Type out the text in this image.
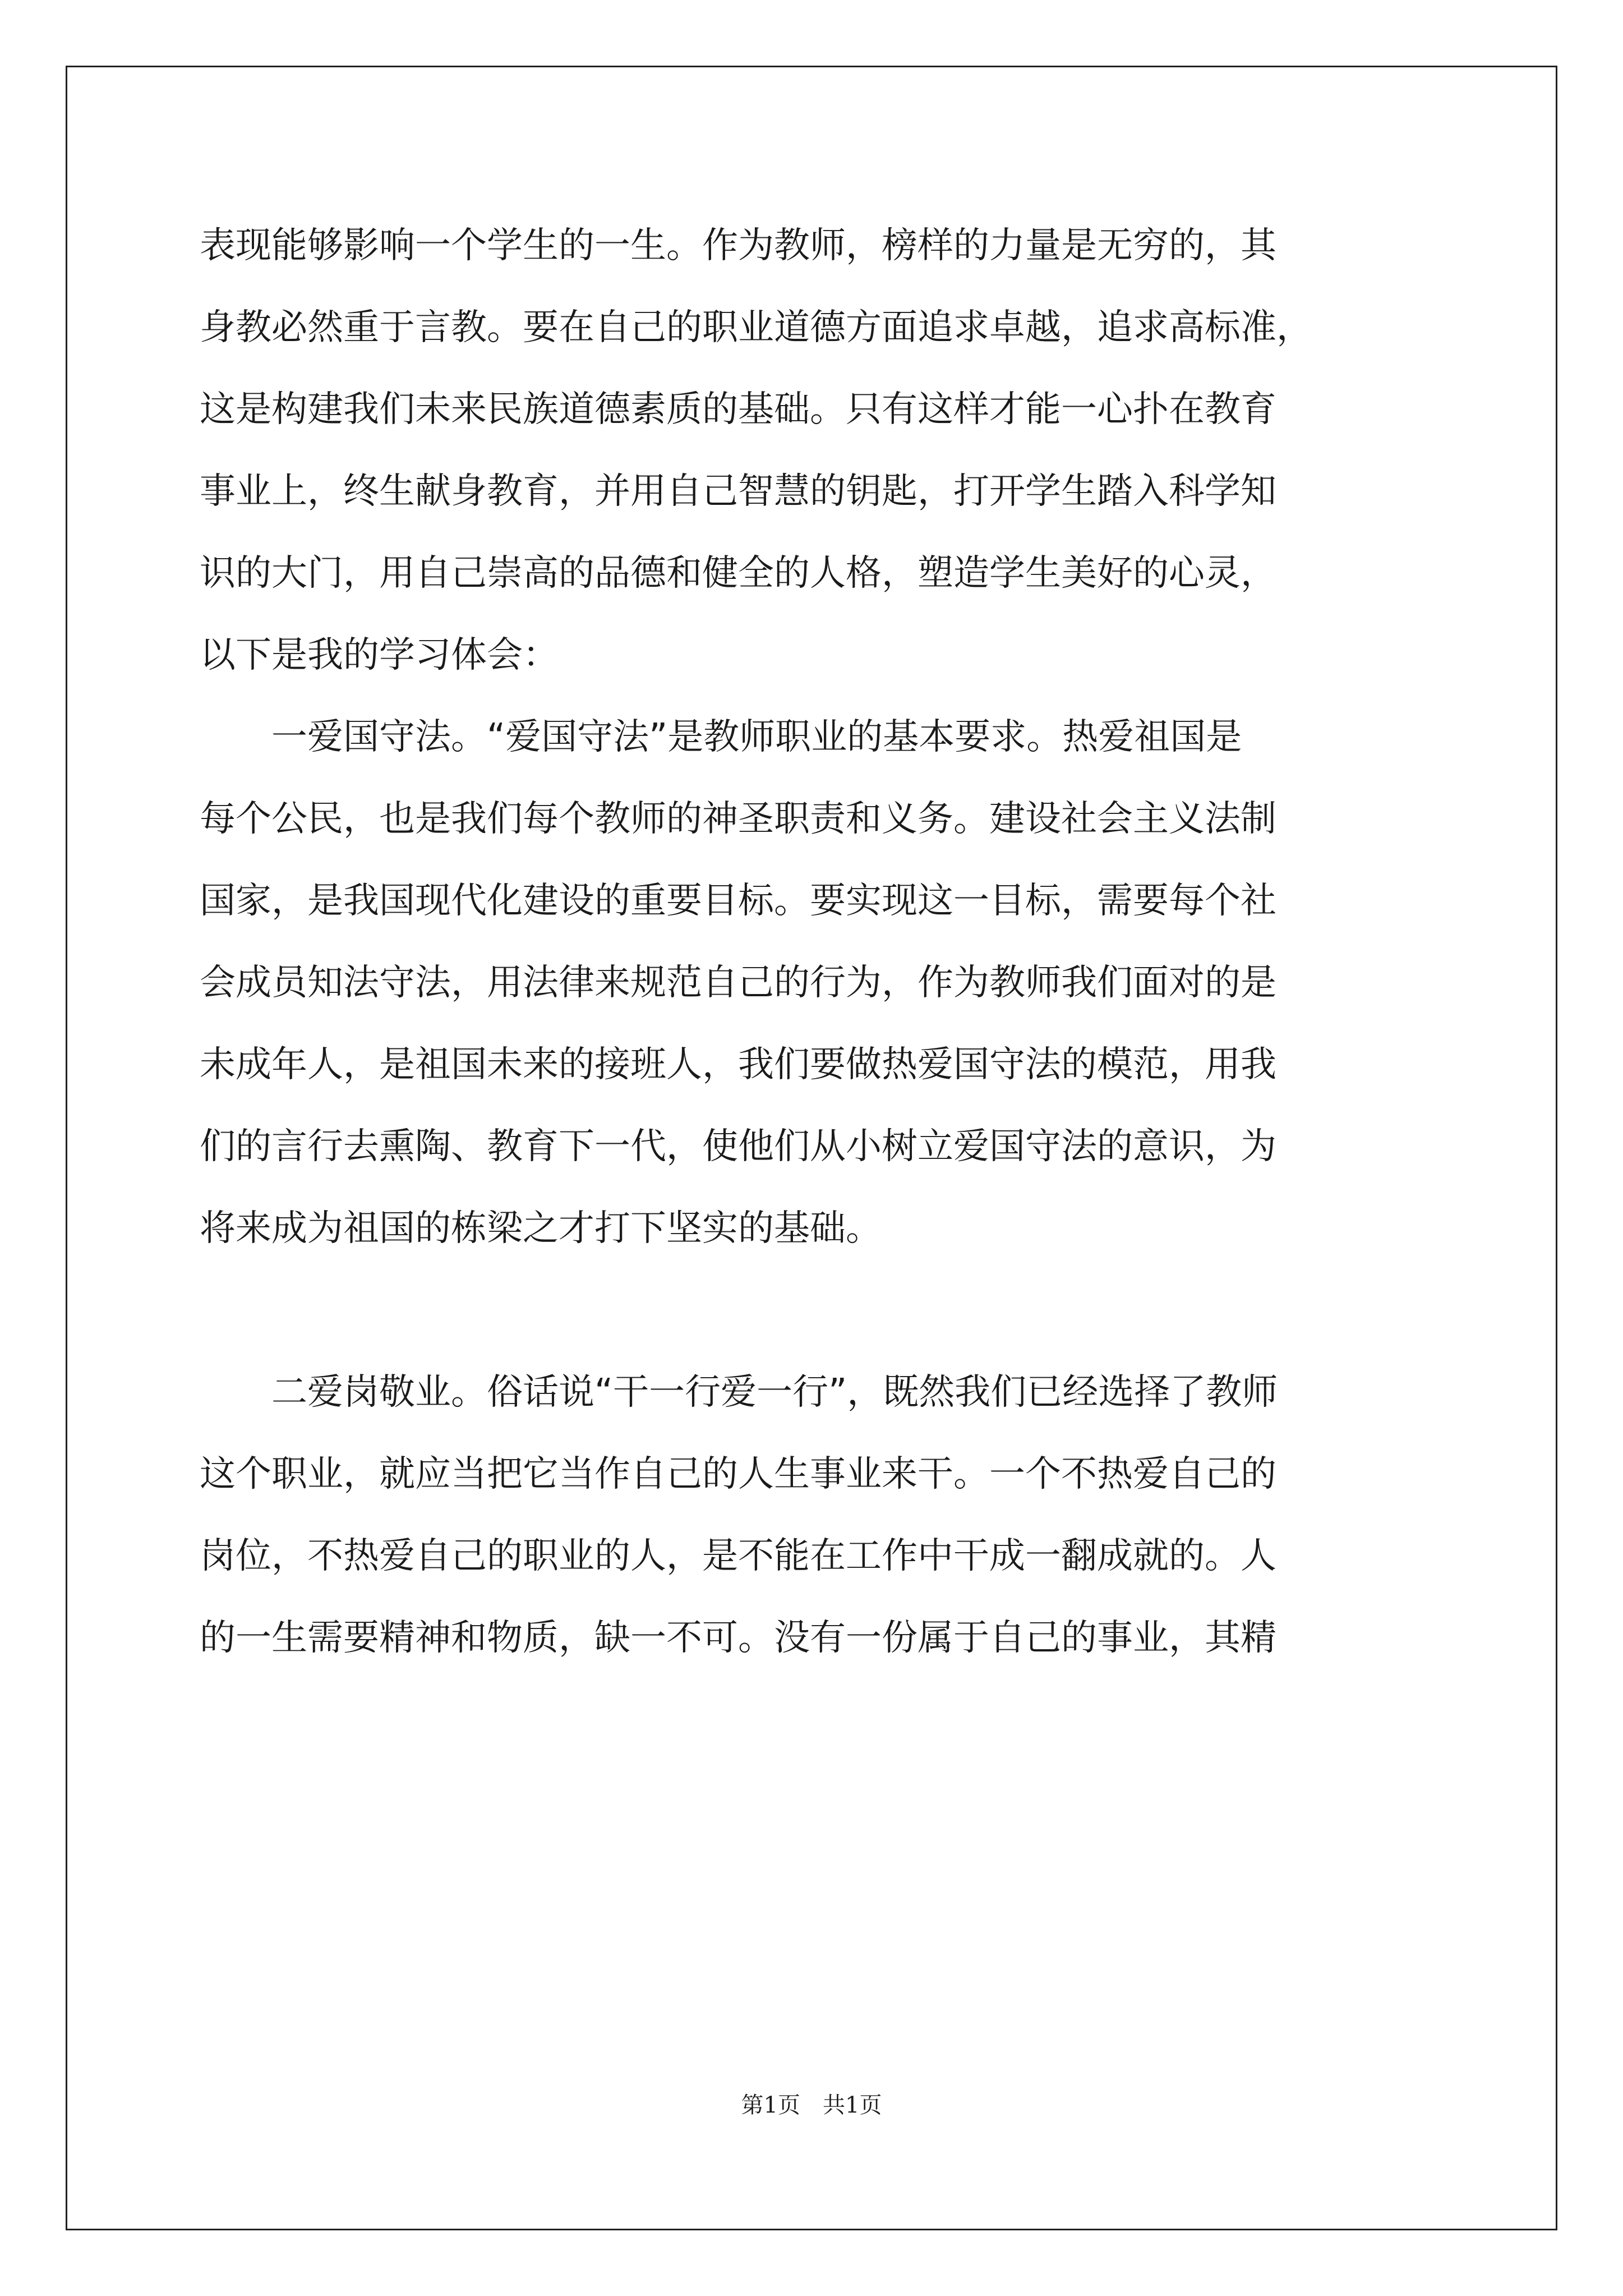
表现能够影响一个学生的一生。作为教师，榜样的力量是无穷的，其
身教必然重于言教。要在自己的职业道德方面追求卓越，追求高标准，
这是构建我们未来民族道德素质的基础。只有这样才能一心扑在教育
事业上，终生献身教育，并用自己智慧的钥匙，打开学生踏入科学知
识的大门，用自己崇高的品德和健全的人格，塑造学生美好的心灵，
以下是我的学习体会：
一爱国守法。“爱国守法”是教师职业的基本要求。热爱祖国是
每个公民，也是我们每个教师的神圣职责和义务。建设社会主义法制
国家，是我国现代化建设的重要目标。要实现这一目标，需要每个社
会成员知法守法，用法律来规范自己的行为，作为教师我们面对的是
未成年人，是祖国未来的接班人，我们要做热爱国守法的模范，用我
们的言行去熏陶、教育下一代，使他们从小树立爱国守法的意识，为
将来成为祖国的栋梁之才打下坚实的基础。
二爱岗敬业。俗话说“干一行爱一行”，既然我们已经选择了教师
这个职业，就应当把它当作自己的人生事业来干。一个不热爱自己的
岗位，不热爱自己的职业的人，是不能在工作中干成一翻成就的。人
的一生需要精神和物质，缺一不可。没有一份属于自己的事业，其精
第1页 共1页
